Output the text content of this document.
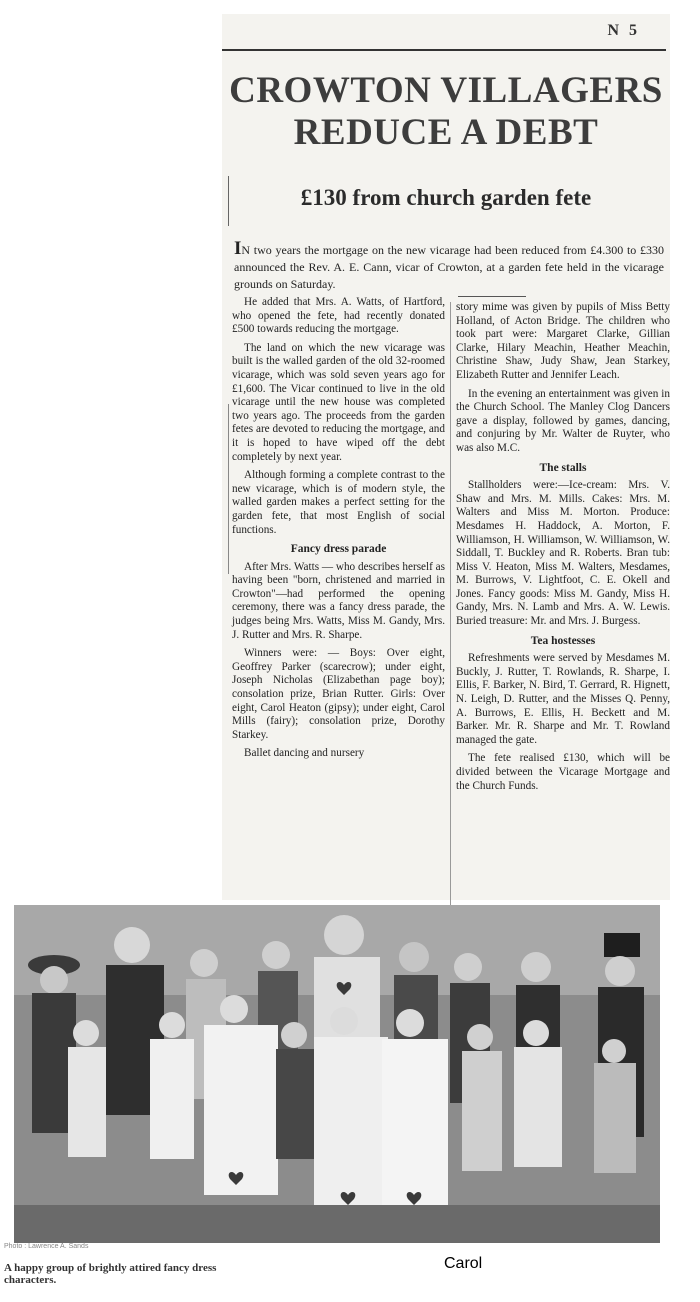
N 5
CROWTON VILLAGERS
REDUCE A DEBT
£130 from church garden fete

IN two years the mortgage on the new vicarage had been reduced from £4.300 to £330 announced the Rev. A. E. Cann, vicar of Crowton, at a garden fete held in the vicarage grounds on Saturday.

He added that Mrs. A. Watts, of Hartford, who opened the fete, had recently donated £500 towards reducing the mortgage.

The land on which the new vicarage was built is the walled garden of the old 32-roomed vicarage, which was sold seven years ago for £1,600. The Vicar continued to live in the old vicarage until the new house was completed two years ago. The proceeds from the garden fetes are devoted to reducing the mortgage, and it is hoped to have wiped off the debt completely by next year.

Although forming a complete contrast to the new vicarage, which is of modern style, the walled garden makes a perfect setting for the garden fete, that most English of social functions.

Fancy dress parade

After Mrs. Watts — who describes herself as having been "born, christened and married in Crowton"—had performed the opening ceremony, there was a fancy dress parade, the judges being Mrs. Watts, Miss M. Gandy, Mrs. J. Rutter and Mrs. R. Sharpe.

Winners were: — Boys: Over eight, Geoffrey Parker (scarecrow); under eight, Joseph Nicholas (Elizabethan page boy); consolation prize, Brian Rutter. Girls: Over eight, Carol Heaton (gipsy); under eight, Carol Mills (fairy); consolation prize, Dorothy Starkey.

Ballet dancing and nursery

story mime was given by pupils of Miss Betty Holland, of Acton Bridge. The children who took part were: Margaret Clarke, Gillian Clarke, Hilary Meachin, Heather Meachin, Christine Shaw, Judy Shaw, Jean Starkey, Elizabeth Rutter and Jennifer Leach.

In the evening an entertainment was given in the Church School. The Manley Clog Dancers gave a display, followed by games, dancing, and conjuring by Mr. Walter de Ruyter, who was also M.C.

The stalls

Stallholders were:—Ice-cream: Mrs. V. Shaw and Mrs. M. Mills. Cakes: Mrs. M. Walters and Miss M. Morton. Produce: Mesdames H. Haddock, A. Morton, F. Williamson, H. Williamson, W. Williamson, W. Siddall, T. Buckley and R. Roberts. Bran tub: Miss V. Heaton, Miss M. Walters, Mesdames, M. Burrows, V. Lightfoot, C. E. Okell and Jones. Fancy goods: Miss M. Gandy, Miss H. Gandy, Mrs. N. Lamb and Mrs. A. W. Lewis. Buried treasure: Mr. and Mrs. J. Burgess.

Tea hostesses

Refreshments were served by Mesdames M. Buckly, J. Rutter, T. Rowlands, R. Sharpe, I. Ellis, F. Barker, N. Bird, T. Gerrard, R. Hignett, N. Leigh, D. Rutter, and the Misses Q. Penny, A. Burrows, E. Ellis, H. Beckett and M. Barker. Mr. R. Sharpe and Mr. T. Rowland managed the gate.

The fete realised £130, which will be divided between the Vicarage Mortgage and the Church Funds.

Photo : Lawrence A. Sands

A happy group of brightly attired fancy dress characters.

Carol
